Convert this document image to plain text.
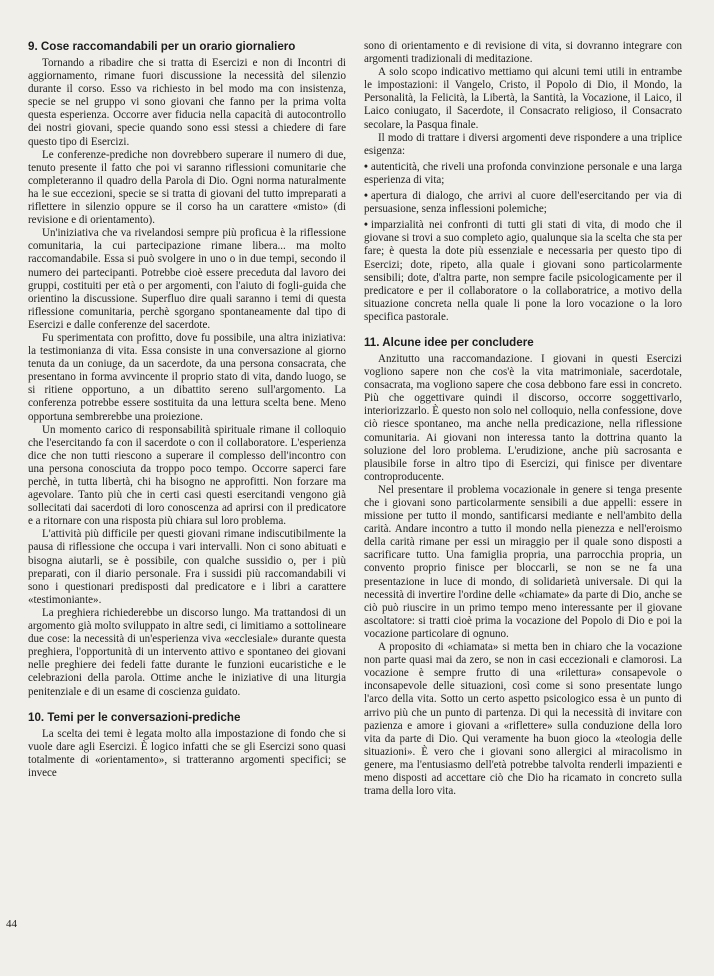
9. Cose raccomandabili per un orario giornaliero

Tornando a ribadire che si tratta di Esercizi e non di Incontri di aggiornamento, rimane fuori discussione la necessità del silenzio durante il corso. Esso va richiesto in bel modo ma con insistenza, specie se nel gruppo vi sono giovani che fanno per la prima volta questa esperienza. Occorre aver fiducia nella capacità di autocontrollo dei nostri giovani, specie quando sono essi stessi a chiedere di fare questo tipo di Esercizi.

Le conferenze-prediche non dovrebbero superare il numero di due, tenuto presente il fatto che poi vi saranno riflessioni comunitarie che completeranno il quadro della Parola di Dio. Ogni norma naturalmente ha le sue eccezioni, specie se si tratta di giovani del tutto impreparati a riflettere in silenzio oppure se il corso ha un carattere «misto» (di revisione e di orientamento).

Un'iniziativa che va rivelandosi sempre più proficua è la riflessione comunitaria, la cui partecipazione rimane libera... ma molto raccomandabile. Essa si può svolgere in uno o in due tempi, secondo il numero dei partecipanti. Potrebbe cioè essere preceduta dal lavoro dei gruppi, costituiti per età o per argomenti, con l'aiuto di fogli-guida che orientino la discussione. Superfluo dire quali saranno i temi di questa riflessione comunitaria, perchè sgorgano spontaneamente dal tipo di Esercizi e dalle conferenze del sacerdote.

Fu sperimentata con profitto, dove fu possibile, una altra iniziativa: la testimonianza di vita. Essa consiste in una conversazione al giorno tenuta da un coniuge, da un sacerdote, da una persona consacrata, che presentano in forma avvincente il proprio stato di vita, dando luogo, se si ritiene opportuno, a un dibattito sereno sull'argomento. La conferenza potrebbe essere sostituita da una lettura scelta bene. Meno opportuna sembrerebbe una proiezione.

Un momento carico di responsabilità spirituale rimane il colloquio che l'esercitando fa con il sacerdote o con il collaboratore. L'esperienza dice che non tutti riescono a superare il complesso dell'incontro con una persona conosciuta da troppo poco tempo. Occorre saperci fare perchè, in tutta libertà, chi ha bisogno ne approfitti. Non forzare ma agevolare. Tanto più che in certi casi questi esercitandi vengono già sollecitati dai sacerdoti di loro conoscenza ad aprirsi con il predicatore e a ritornare con una risposta più chiara sul loro problema.

L'attività più difficile per questi giovani rimane indiscutibilmente la pausa di riflessione che occupa i vari intervalli. Non ci sono abituati e bisogna aiutarli, se è possibile, con qualche sussidio o, per i più preparati, con il diario personale. Fra i sussidi più raccomandabili vi sono i questionari predisposti dal predicatore e i libri a carattere «testimoniante».

La preghiera richiederebbe un discorso lungo. Ma trattandosi di un argomento già molto sviluppato in altre sedi, ci limitiamo a sottolineare due cose: la necessità di un'esperienza viva «ecclesiale» durante questa preghiera, l'opportunità di un intervento attivo e spontaneo dei giovani nelle preghiere dei fedeli fatte durante le funzioni eucaristiche e le celebrazioni della parola. Ottime anche le iniziative di una liturgia penitenziale e di un esame di coscienza guidato.

10. Temi per le conversazioni-prediche

La scelta dei temi è legata molto alla impostazione di fondo che si vuole dare agli Esercizi. È logico infatti che se gli Esercizi sono quasi totalmente di «orientamento», si tratteranno argomenti specifici; se invece

sono di orientamento e di revisione di vita, si dovranno integrare con argomenti tradizionali di meditazione.

A solo scopo indicativo mettiamo qui alcuni temi utili in entrambe le impostazioni: il Vangelo, Cristo, il Popolo di Dio, il Mondo, la Personalità, la Felicità, la Libertà, la Santità, la Vocazione, il Laico, il Laico coniugato, il Sacerdote, il Consacrato religioso, il Consacrato secolare, la Pasqua finale.

Il modo di trattare i diversi argomenti deve rispondere a una triplice esigenza:

• autenticità, che riveli una profonda convinzione personale e una larga esperienza di vita;
• apertura di dialogo, che arrivi al cuore dell'esercitando per via di persuasione, senza inflessioni polemiche;
• imparzialità nei confronti di tutti gli stati di vita, di modo che il giovane si trovi a suo completo agio, qualunque sia la scelta che sta per fare; è questa la dote più essenziale e necessaria per questo tipo di Esercizi; dote, ripeto, alla quale i giovani sono particolarmente sensibili; dote, d'altra parte, non sempre facile psicologicamente per il predicatore e per il collaboratore o la collaboratrice, a motivo della situazione concreta nella quale li pone la loro vocazione o la loro specifica pastorale.
11. Alcune idee per concludere

Anzitutto una raccomandazione. I giovani in questi Esercizi vogliono sapere non che cos'è la vita matrimoniale, sacerdotale, consacrata, ma vogliono sapere che cosa debbono fare essi in concreto. Più che oggettivare quindi il discorso, occorre soggettivarlo, interiorizzarlo. È questo non solo nel colloquio, nella confessione, dove ciò riesce spontaneo, ma anche nella predicazione, nella riflessione comunitaria. Ai giovani non interessa tanto la dottrina quanto la soluzione del loro problema. L'erudizione, anche più sacrosanta e plausibile forse in altro tipo di Esercizi, qui finisce per diventare controproducente.

Nel presentare il problema vocazionale in genere si tenga presente che i giovani sono particolarmente sensibili a due appelli: essere in missione per tutto il mondo, santificarsi mediante e nell'ambito della carità. Andare incontro a tutto il mondo nella pienezza e nell'eroismo della carità rimane per essi un miraggio per il quale sono disposti a sacrificare tutto. Una famiglia propria, una parrocchia propria, un convento proprio finisce per bloccarli, se non se ne fa una presentazione in luce di mondo, di solidarietà universale. Di qui la necessità di invertire l'ordine delle «chiamate» da parte di Dio, anche se ciò può riuscire in un primo tempo meno interessante per il giovane ascoltatore: si tratti cioè prima la vocazione del Popolo di Dio e poi la vocazione particolare di ognuno.

A proposito di «chiamata» si metta ben in chiaro che la vocazione non parte quasi mai da zero, se non in casi eccezionali e clamorosi. La vocazione è sempre frutto di una «rilettura» consapevole o inconsapevole delle situazioni, così come si sono presentate lungo l'arco della vita. Sotto un certo aspetto psicologico essa è un punto di arrivo più che un punto di partenza. Di qui la necessità di invitare con pazienza e amore i giovani a «riflettere» sulla conduzione della loro vita da parte di Dio. Qui veramente ha buon gioco la «teologia delle situazioni». È vero che i giovani sono allergici al miracolismo in genere, ma l'entusiasmo dell'età potrebbe talvolta renderli impazienti e meno disposti ad accettare ciò che Dio ha ricamato in concreto sulla trama della loro vita.

44
